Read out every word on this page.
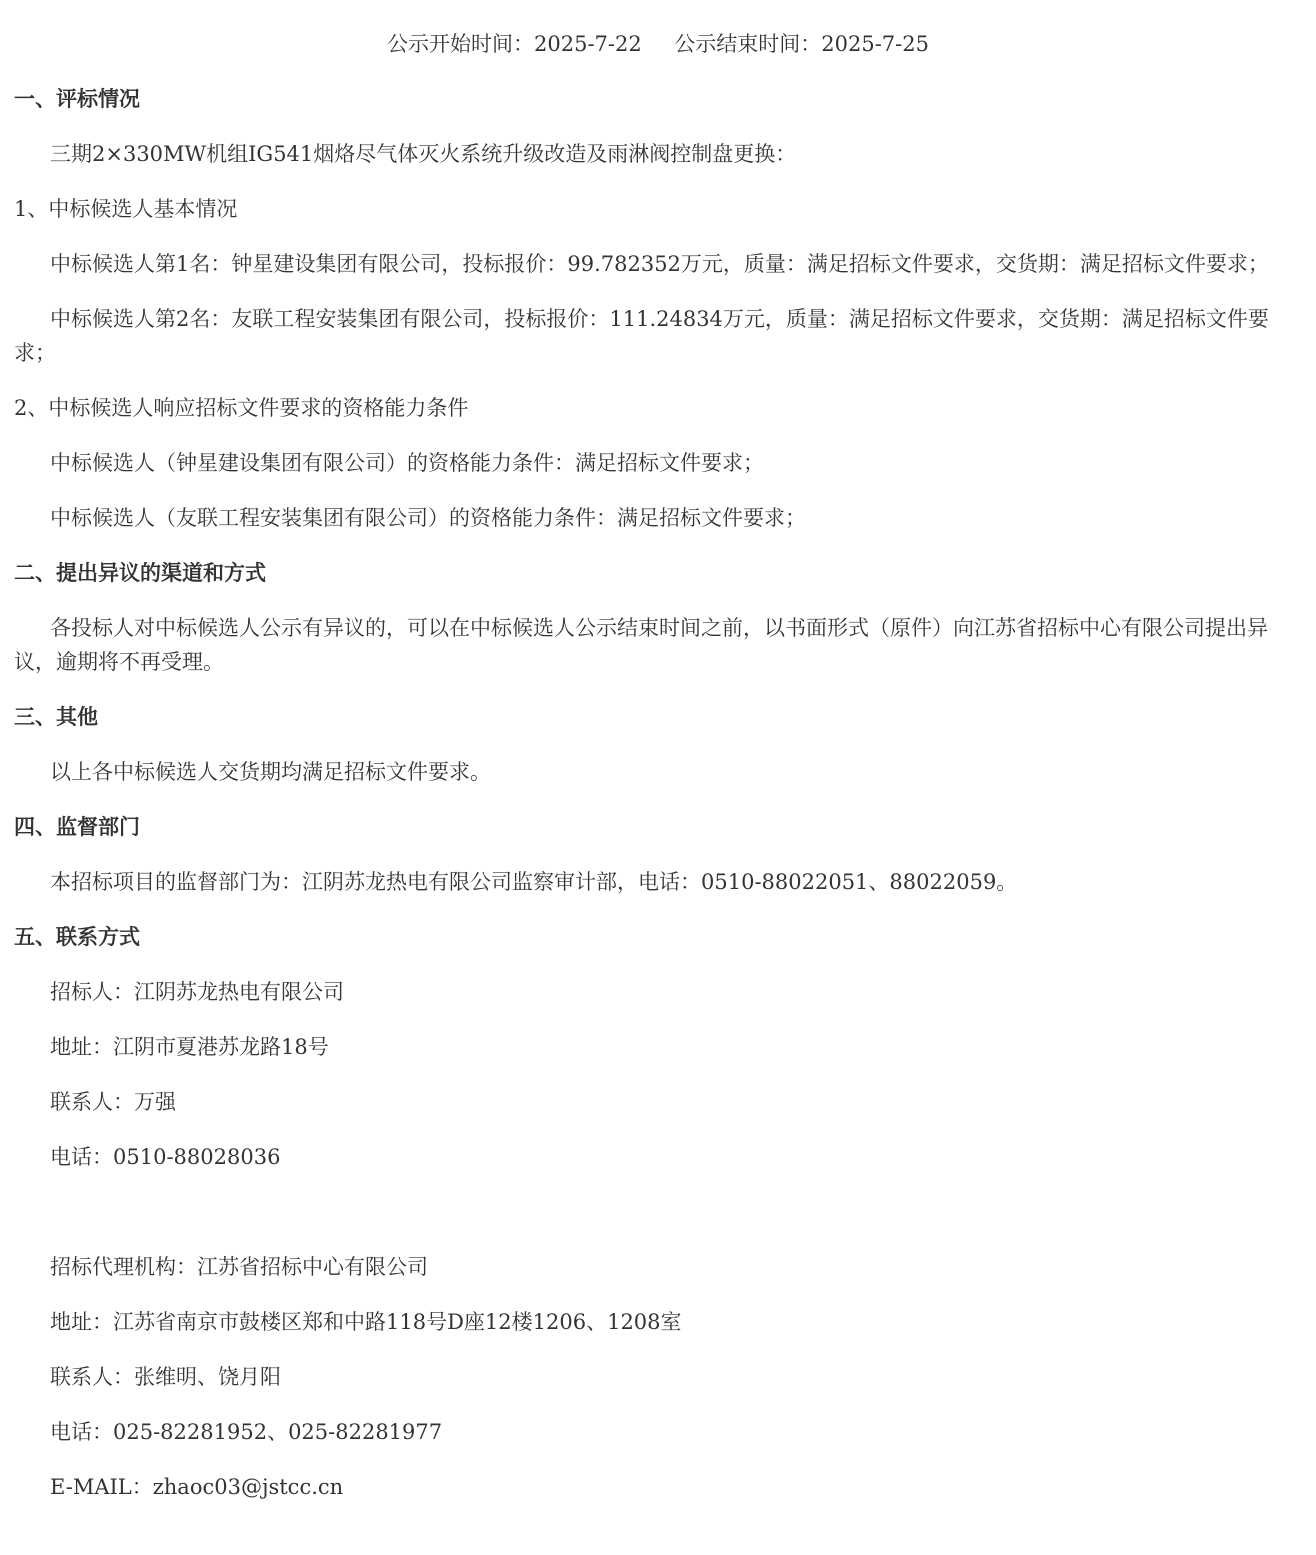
公示开始时间：2025-7-22 公示结束时间：2025-7-25

一、评标情况

三期2×330MW机组IG541烟烙尽气体灭火系统升级改造及雨淋阀控制盘更换：

1、中标候选人基本情况

中标候选人第1名：钟星建设集团有限公司，投标报价：99.782352万元，质量：满足招标文件要求，交货期：满足招标文件要求；

中标候选人第2名：友联工程安装集团有限公司，投标报价：111.24834万元，质量：满足招标文件要求，交货期：满足招标文件要求；

2、中标候选人响应招标文件要求的资格能力条件

中标候选人（钟星建设集团有限公司）的资格能力条件：满足招标文件要求；

中标候选人（友联工程安装集团有限公司）的资格能力条件：满足招标文件要求；

二、提出异议的渠道和方式

各投标人对中标候选人公示有异议的，可以在中标候选人公示结束时间之前，以书面形式（原件）向江苏省招标中心有限公司提出异议，逾期将不再受理。

三、其他

以上各中标候选人交货期均满足招标文件要求。

四、监督部门

本招标项目的监督部门为：江阴苏龙热电有限公司监察审计部，电话：0510-88022051、88022059。

五、联系方式

招标人：江阴苏龙热电有限公司

地址：江阴市夏港苏龙路18号

联系人：万强

电话：0510-88028036

招标代理机构：江苏省招标中心有限公司

地址：江苏省南京市鼓楼区郑和中路118号D座12楼1206、1208室

联系人：张维明、饶月阳

电话：025-82281952、025-82281977

E-MAIL：zhaoc03@jstcc.cn
